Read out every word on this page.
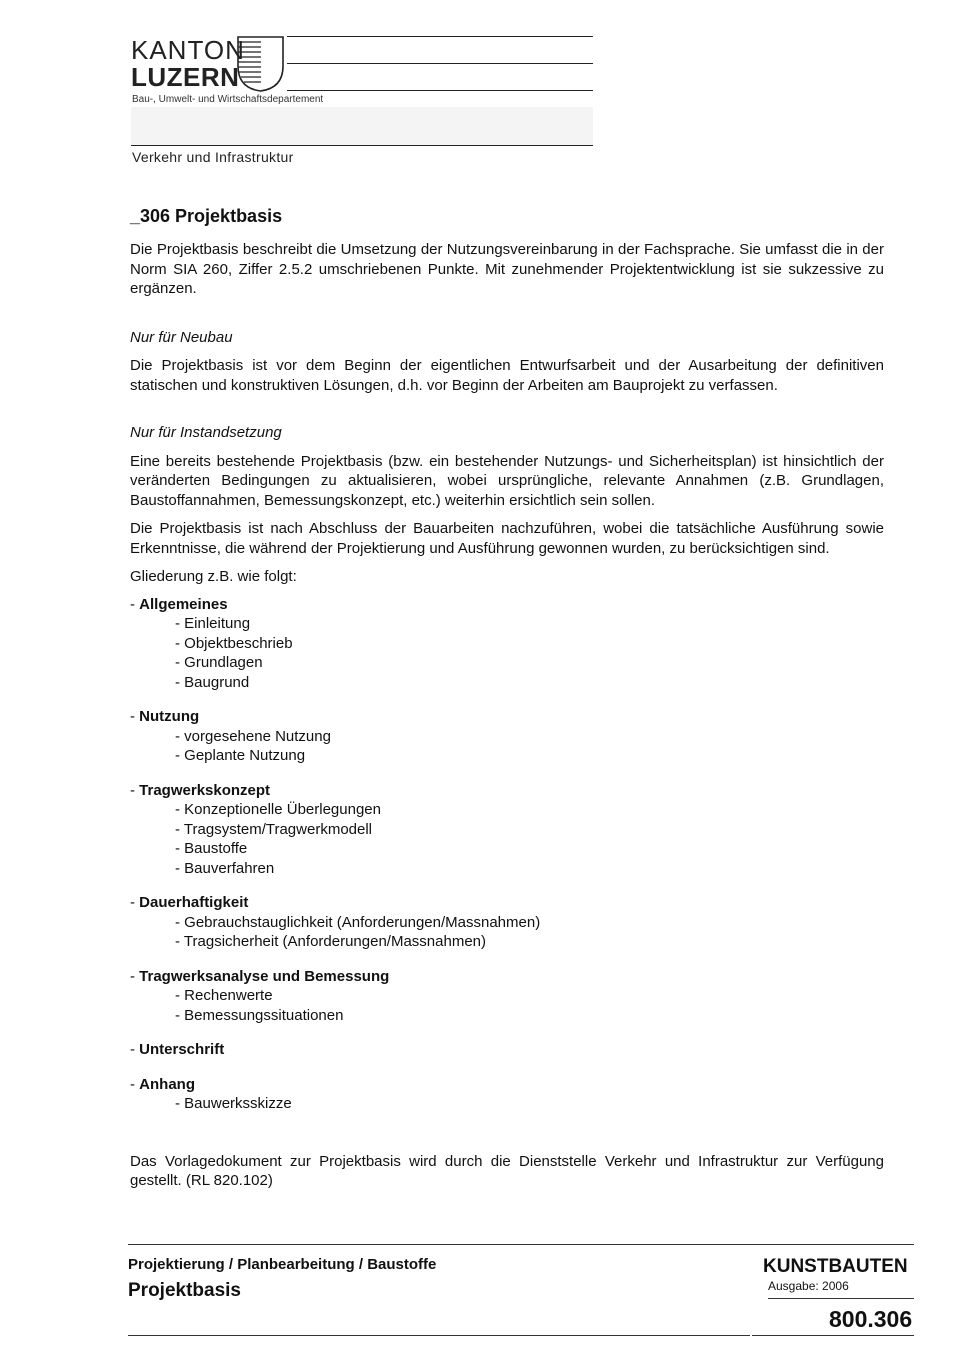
KANTON
LUZERN
Bau-, Umwelt- und Wirtschaftsdepartement
Verkehr und Infrastruktur
_306 Projektbasis

Die Projektbasis beschreibt die Umsetzung der Nutzungsvereinbarung in der Fachsprache. Sie umfasst die in der Norm SIA 260, Ziffer 2.5.2 umschriebenen Punkte. Mit zunehmender Projektentwicklung ist sie sukzessive zu ergänzen.

Nur für Neubau

Die Projektbasis ist vor dem Beginn der eigentlichen Entwurfsarbeit und der Ausarbeitung der definitiven statischen und konstruktiven Lösungen, d.h. vor Beginn der Arbeiten am Bauprojekt zu verfassen.

Nur für Instandsetzung

Eine bereits bestehende Projektbasis (bzw. ein bestehender Nutzungs- und Sicherheitsplan) ist hinsichtlich der veränderten Bedingungen zu aktualisieren, wobei ursprüngliche, relevante Annahmen (z.B. Grundlagen, Baustoffannahmen, Bemessungskonzept, etc.) weiterhin ersichtlich sein sollen.

Die Projektbasis ist nach Abschluss der Bauarbeiten nachzuführen, wobei die tatsächliche Ausführung sowie Erkenntnisse, die während der Projektierung und Ausführung gewonnen wurden, zu berücksichtigen sind.

Gliederung z.B. wie folgt:

- Allgemeines
- Einleitung
- Objektbeschrieb
- Grundlagen
- Baugrund
- Nutzung
- vorgesehene Nutzung
- Geplante Nutzung
- Tragwerkskonzept
- Konzeptionelle Überlegungen
- Tragsystem/Tragwerkmodell
- Baustoffe
- Bauverfahren
- Dauerhaftigkeit
- Gebrauchstauglichkeit (Anforderungen/Massnahmen)
- Tragsicherheit (Anforderungen/Massnahmen)
- Tragwerksanalyse und Bemessung
- Rechenwerte
- Bemessungssituationen
- Unterschrift
- Anhang
- Bauwerksskizze

Das Vorlagedokument zur Projektbasis wird durch die Dienststelle Verkehr und Infrastruktur zur Verfügung gestellt. (RL 820.102)

Projektierung / Planbearbeitung / Baustoffe
Projektbasis
KUNSTBAUTEN
Ausgabe: 2006
800.306
